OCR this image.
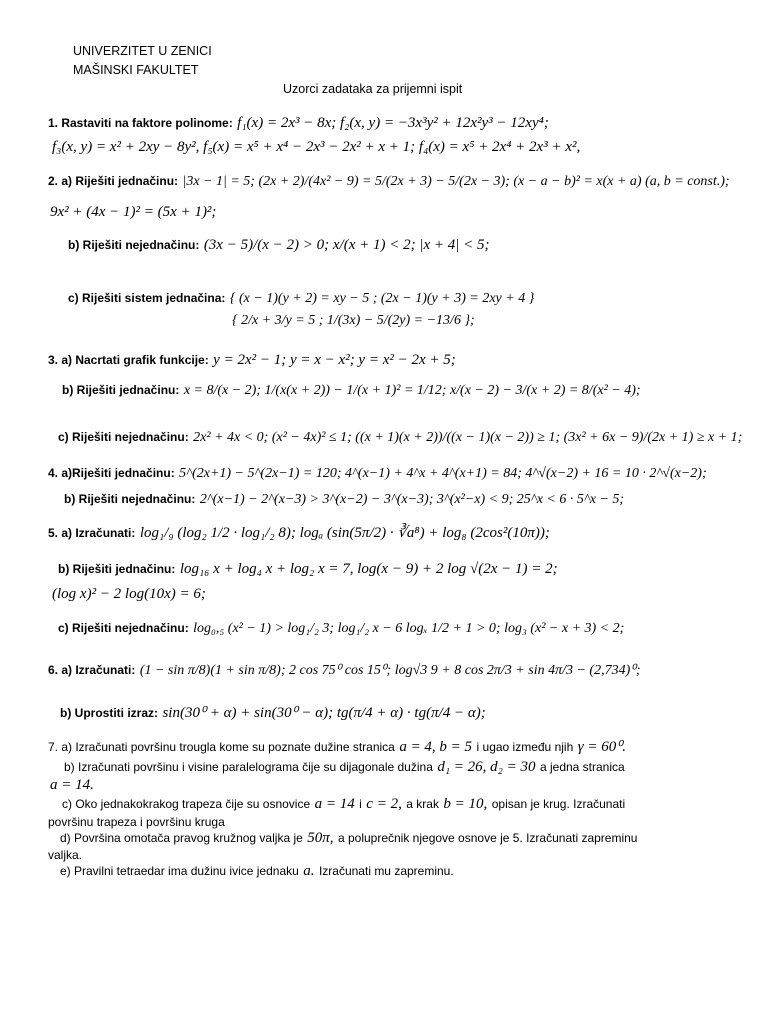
UNIVERZITET U ZENICI
MAŠINSKI FAKULTET
Uzorci zadataka za prijemni ispit
1. Rastaviti na faktore polinome: f₁(x) = 2x³ − 8x; f₂(x, y) = −3x³y² + 12x²y³ − 12xy⁴;
f₃(x, y) = x² + 2xy − 8y², f₅(x) = x⁵ + x⁴ − 2x³ − 2x² + x + 1; f₄(x) = x⁵ + 2x⁴ + 2x³ + x²,
2. a) Riješiti jednačinu: |3x − 1| = 5; (2x + 2)/(4x² − 9) = 5/(2x + 3) − 5/(2x − 3); (x − a − b)² = x(x + a) (a, b = const.);
9x² + (4x − 1)² = (5x + 1)²;
b) Riješiti nejednačinu: (3x − 5)/(x − 2) > 0; x/(x + 1) < 2; |x + 4| < 5;
c) Riješiti sistem jednačina: { (x − 1)(y + 2) = xy − 5 ; (2x − 1)(y + 3) = 2xy + 4 }
{ 2/x + 3/y = 5 ; 1/(3x) − 5/(2y) = −13/6 };
3. a) Nacrtati grafik funkcije: y = 2x² − 1; y = x − x²; y = x² − 2x + 5;
b) Riješiti jednačinu: x = 8/(x − 2); 1/(x(x + 2)) − 1/(x + 1)² = 1/12; x/(x − 2) − 3/(x + 2) = 8/(x² − 4);
c) Riješiti nejednačinu: 2x² + 4x < 0; (x² − 4x)² ≤ 1; ((x + 1)(x + 2))/((x − 1)(x − 2)) ≥ 1; (3x² + 6x − 9)/(2x + 1) ≥ x + 1;
4. a)Riješiti jednačinu: 5^(2x+1) − 5^(2x−1) = 120; 4^(x−1) + 4^x + 4^(x+1) = 84; 4^√(x−2) + 16 = 10 · 2^√(x−2);
b) Riješiti nejednačinu: 2^(x−1) − 2^(x−3) > 3^(x−2) − 3^(x−3); 3^(x²−x) < 9; 25^x < 6 · 5^x − 5;
5. a) Izračunati: log₁/₉ (log₂ 1/2 · log₁/₂ 8); logₐ (sin(5π/2) · ∛a⁸) + log₈ (2cos²(10π));
b) Riješiti jednačinu: log₁₆ x + log₄ x + log₂ x = 7, log(x − 9) + 2 log √(2x − 1) = 2;
(log x)² − 2 log(10x) = 6;
c) Riješiti nejednačinu: log₀,₅ (x² − 1) > log₁/₂ 3; log₁/₂ x − 6 logₓ 1/2 + 1 > 0; log₃ (x² − x + 3) < 2;
6. a) Izračunati: (1 − sin π/8)(1 + sin π/8); 2 cos 75⁰ cos 15⁰; log√3 9 + 8 cos 2π/3 + sin 4π/3 − (2,734)⁰;
b) Uprostiti izraz: sin(30⁰ + α) + sin(30⁰ − α); tg(π/4 + α) · tg(π/4 − α);
7. a) Izračunati površinu trougla kome su poznate dužine stranica a = 4, b = 5 i ugao između njih γ = 60⁰.
b) Izračunati površinu i visine paralelograma čije su dijagonale dužina d₁ = 26, d₂ = 30 a jedna stranica
a = 14.
c) Oko jednakokrakog trapeza čije su osnovice a = 14 i c = 2, a krak b = 10, opisan je krug. Izračunati
površinu trapeza i površinu kruga
d) Površina omotača pravog kružnog valjka je 50π, a poluprečnik njegove osnove je 5. Izračunati zapreminu
valjka.
e) Pravilni tetraedar ima dužinu ivice jednaku a. Izračunati mu zapreminu.
